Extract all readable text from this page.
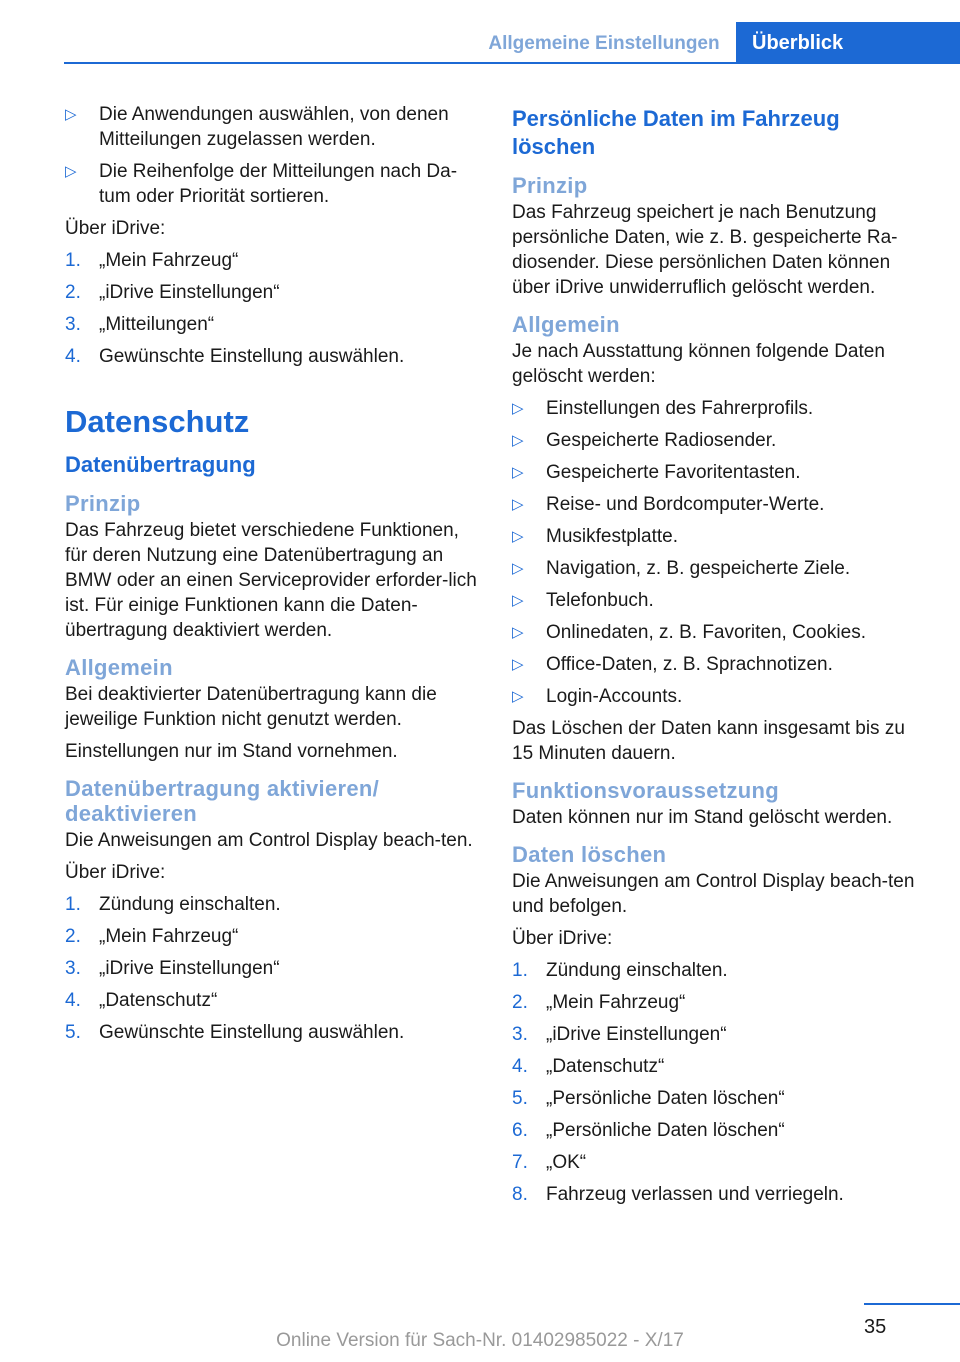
Allgemeine Einstellungen	Überblick
▷ Die Anwendungen auswählen, von denen Mitteilungen zugelassen werden.
▷ Die Reihenfolge der Mitteilungen nach Da-tum oder Priorität sortieren.

Über iDrive:

1. „Mein Fahrzeug“
2. „iDrive Einstellungen“
3. „Mitteilungen“
4. Gewünschte Einstellung auswählen.
Datenschutz
Datenübertragung
Prinzip

Das Fahrzeug bietet verschiedene Funktionen, für deren Nutzung eine Datenübertragung an BMW oder an einen Serviceprovider erforder-lich ist. Für einige Funktionen kann die Daten-übertragung deaktiviert werden.

Allgemein

Bei deaktivierter Datenübertragung kann die jeweilige Funktion nicht genutzt werden.

Einstellungen nur im Stand vornehmen.

Datenübertragung aktivieren/ deaktivieren

Die Anweisungen am Control Display beach-ten.

Über iDrive:

1. Zündung einschalten.
2. „Mein Fahrzeug“
3. „iDrive Einstellungen“
4. „Datenschutz“
5. Gewünschte Einstellung auswählen.
Persönliche Daten im Fahrzeug löschen
Prinzip

Das Fahrzeug speichert je nach Benutzung persönliche Daten, wie z. B. gespeicherte Ra-diosender. Diese persönlichen Daten können über iDrive unwiderruflich gelöscht werden.

Allgemein

Je nach Ausstattung können folgende Daten gelöscht werden:

▷ Einstellungen des Fahrerprofils.
▷ Gespeicherte Radiosender.
▷ Gespeicherte Favoritentasten.
▷ Reise- und Bordcomputer-Werte.
▷ Musikfestplatte.
▷ Navigation, z. B. gespeicherte Ziele.
▷ Telefonbuch.
▷ Onlinedaten, z. B. Favoriten, Cookies.
▷ Office-Daten, z. B. Sprachnotizen.
▷ Login-Accounts.

Das Löschen der Daten kann insgesamt bis zu 15 Minuten dauern.

Funktionsvoraussetzung

Daten können nur im Stand gelöscht werden.

Daten löschen

Die Anweisungen am Control Display beach-ten und befolgen.

Über iDrive:

1. Zündung einschalten.
2. „Mein Fahrzeug“
3. „iDrive Einstellungen“
4. „Datenschutz“
5. „Persönliche Daten löschen“
6. „Persönliche Daten löschen“
7. „OK“
8. Fahrzeug verlassen und verriegeln.
35
Online Version für Sach-Nr. 01402985022 - X/17
